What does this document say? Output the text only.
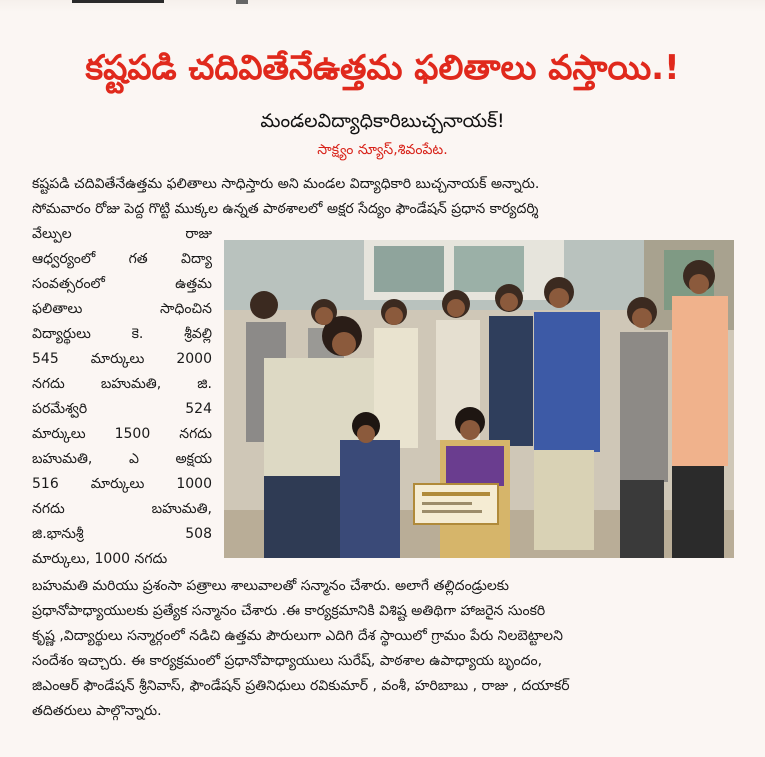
కష్టపడి చదివితేనేఉత్తమ ఫలితాలు వస్తాయి.!
మండలవిద్యాధికారిబుచ్చనాయక్!
సాక్ష్యం న్యూస్,శివంపేట.
కష్టపడి చదివితేనేఉత్తమ ఫలితాలు సాధిస్తారు అని మండల విద్యాధికారి బుచ్చనాయక్ అన్నారు.
సోమవారం రోజు పెద్ద గొట్టి ముక్కల ఉన్నత పాఠశాలలో అక్షర సేద్యం ఫౌండేషన్ ప్రధాన కార్యదర్శి
వేల్పుల రాజు
ఆధ్వర్యంలో గత విద్యా
సంవత్సరంలో ఉత్తమ
ఫలితాలు సాధించిన
విద్యార్థులు కె. శ్రీవల్లి
545 మార్కులు 2000
నగదు బహుమతి, జి.
పరమేశ్వరి 524
మార్కులు 1500 నగదు
బహుమతి, ఎ అక్షయ
516 మార్కులు 1000
నగదు బహుమతి,
జి.భానుశ్రీ 508
మార్కులు, 1000 నగదు
బహుమతి మరియు ప్రశంసా పత్రాలు శాలువాలతో సన్మానం చేశారు. అలాగే తల్లిదండ్రులకు
ప్రధానోపాధ్యాయులకు ప్రత్యేక సన్మానం చేశారు .ఈ కార్యక్రమానికి విశిష్ట అతిథిగా హాజరైన సుంకరి
కృష్ణ ,విద్యార్థులు సన్మార్గంలో నడిచి ఉత్తమ పౌరులుగా ఎదిగి దేశ స్థాయిలో గ్రామం పేరు నిలబెట్టాలని
సందేశం ఇచ్చారు. ఈ కార్యక్రమంలో ప్రధానోపాధ్యాయులు సురేష్, పాఠశాల ఉపాధ్యాయ బృందం,
జిఎంఆర్ ఫౌండేషన్ శ్రీనివాస్, ఫౌండేషన్ ప్రతినిధులు రవికుమార్ , వంశీ, హరిబాబు , రాజు , దయాకర్
తదితరులు పాల్గొన్నారు.
